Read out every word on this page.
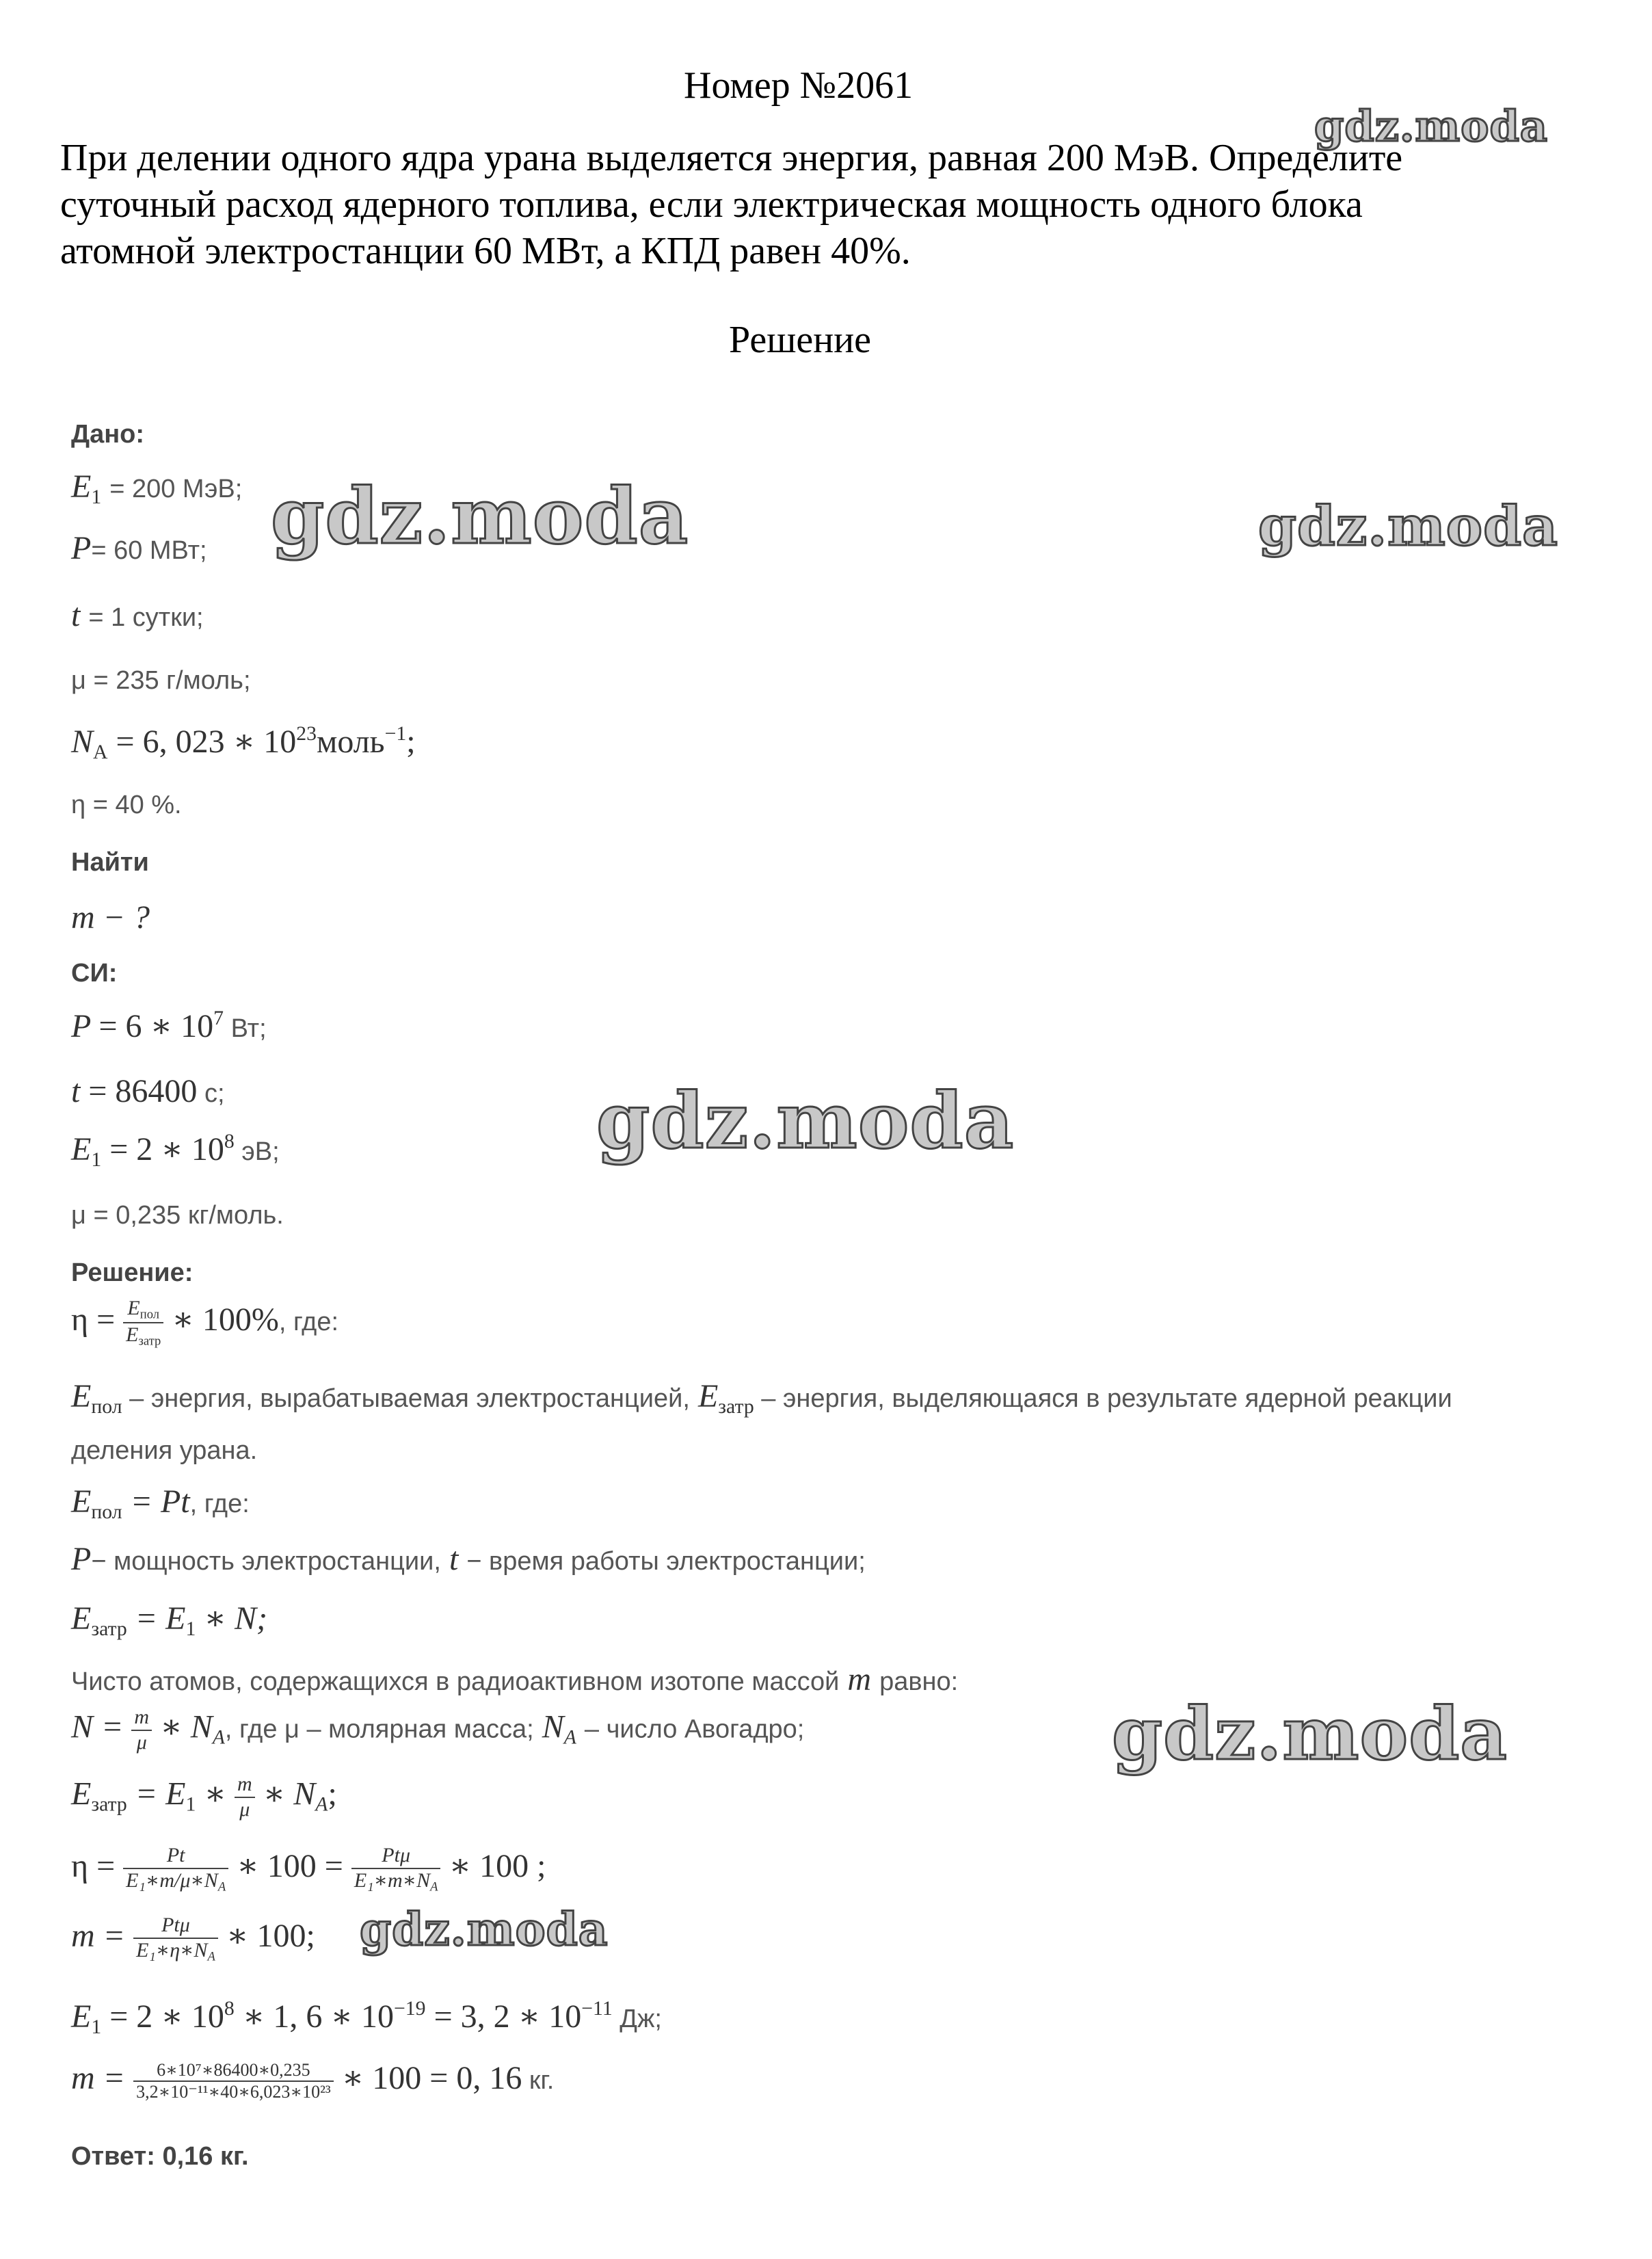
Номер №2061
При делении одного ядра урана выделяется энергия, равная 200 МэВ. Определите
суточный расход ядерного топлива, если электрическая мощность одного блока
атомной электростанции 60 МВт, а КПД равен 40%.
Решение
Дано:
$E_1 = 200$ МэВ;
P= 60 МВт;
t = 1 сутки;
μ = 235 г/моль;
$N_А = 6$, 023 ∗ $10^{23}моль^{-1}$;
η = 40 %.
Найти
m − ?
СИ:
P = 6 ∗ $10^7$ Вт;
t = 86400 с;
$E_1 = 2$ ∗ $10^8$ эВ;
μ = 0,235 кг/моль.
Решение:
$\eta = \frac{E_{пол}}{E_{затр}}$ ∗ 100%, где:
$E_{пол}$ – энергия, вырабатываемая электростанцией, $E_{затр}$ – энергия, выделяющаяся в результате ядерной реакции
деления урана.
$E_{пол} = Pt$, где:
P− мощность электростанции, t − время работы электростанции;
$E_{затр} = E_1$ ∗ N;
Чисто атомов, содержащихся в радиоактивном изотопе массой m равно:
$N = \frac{m}{\mu}$ ∗ $N_A$, где μ – молярная масса; $N_A$ – число Авогадро;
$E_{затр} = E_1$ ∗ $\frac{m}{\mu}$ ∗ $N_A$;
$\eta = \frac{Pt}{E_1∗m/\mu∗N_A}$ ∗ $100 = \frac{\text{Ptμ}}{E_1∗m∗N_A}$ ∗ 100 ;
$m = \frac{\text{Ptμ}}{E_1∗\eta∗N_A}$ ∗ 100;
$E_1 = 2$ ∗ $10^8$ ∗ 1, 6 ∗ $10^{-19} = 3$, 2 ∗ $10^{-11}$ Дж;
$m = \frac{\text{6∗10⁷∗86400∗0,235}}{\text{3,2∗10⁻¹¹∗40∗6,023∗10²³}}$ ∗ 100 = 0, 16 кг.
Ответ: 0,16 кг.
gdz.moda
gdz.moda	gdz.moda
gdz.moda
gdz.moda
gdz.moda
